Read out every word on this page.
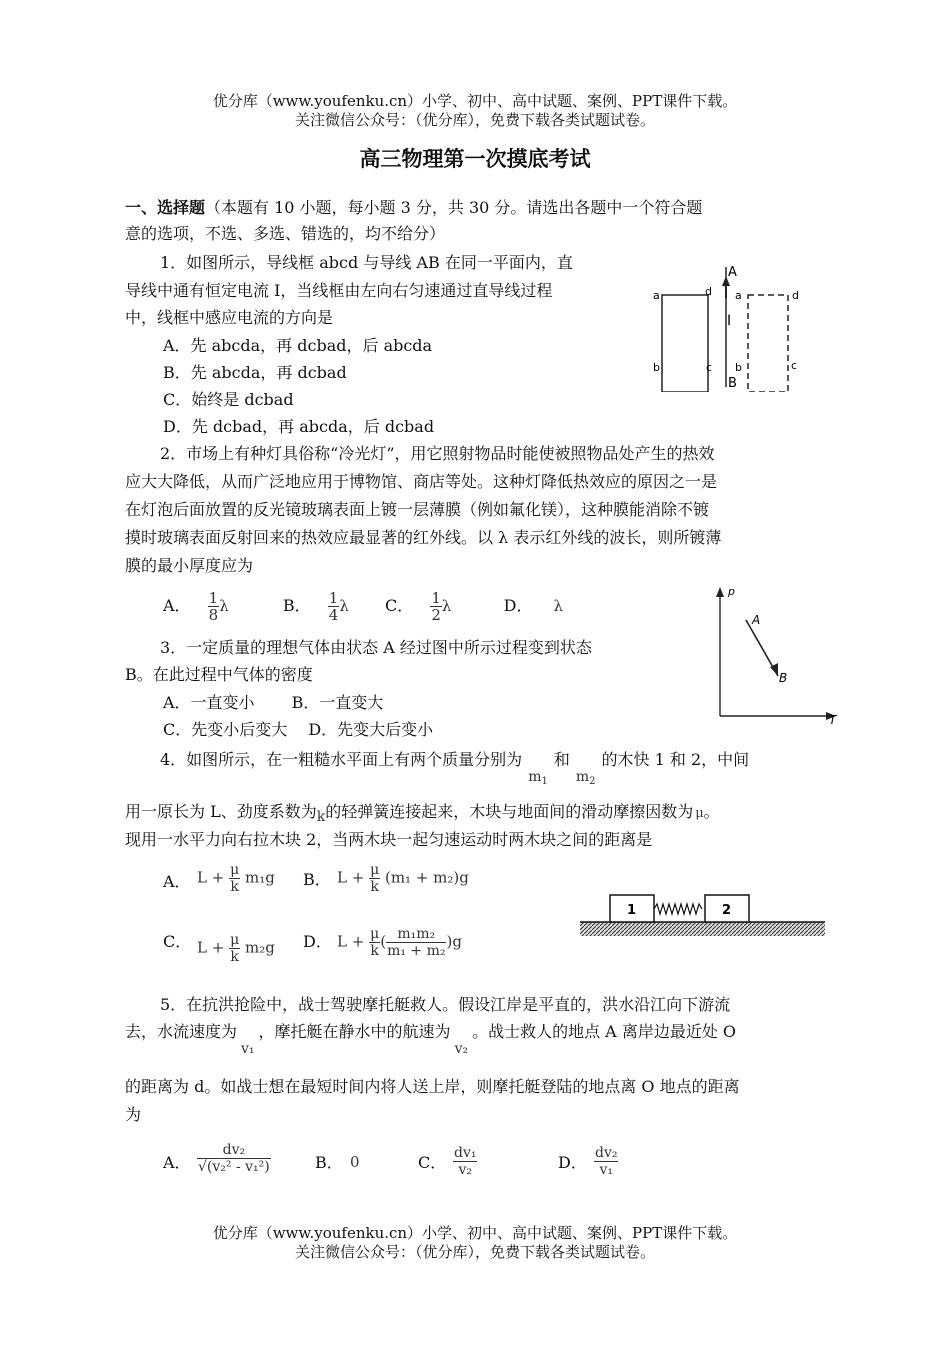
优分库（www.youfenku.cn）小学、初中、高中试题、案例、PPT课件下载。
关注微信公众号：（优分库），免费下载各类试题试卷。
高三物理第一次摸底考试
一、选择题（本题有 10 小题，每小题 3 分，共 30 分。请选出各题中一个符合题
意的选项，不选、多选、错选的，均不给分）
1．如图所示，导线框 abcd 与导线 AB 在同一平面内，直
导线中通有恒定电流 I，当线框由左向右匀速通过直导线过程
中，线框中感应电流的方向是
A．先 abcda，再 dcbad，后 abcda
B．先 abcda，再 dcbad
C．始终是 dcbad
D．先 dcbad，再 abcda，后 dcbad
a	d
b	c
A
I
B
a	d
b	c
2．市场上有种灯具俗称“冷光灯”，用它照射物品时能使被照物品处产生的热效
应大大降低，从而广泛地应用于博物馆、商店等处。这种灯降低热效应的原因之一是
在灯泡后面放置的反光镜玻璃表面上镀一层薄膜（例如氟化镁），这种膜能消除不镀
摸时玻璃表面反射回来的热效应最显著的红外线。以 λ 表示红外线的波长，则所镀薄
膜的最小厚度应为
A． $\frac{1}{8}$ λ	B． $\frac{1}{4}$ λ C． $\frac{1}{2}$ λ	D． λ
3．一定质量的理想气体由状态 A 经过图中所示过程变到状态
B。在此过程中气体的密度
A．一直变小　　 B．一直变大
C．先变小后变大　 D．先变大后变小
p
T
A
B
4．如图所示，在一粗糙水平面上有两个质量分别为$m_1$和$m_2$的木快 1 和 2，中间
用一原长为 L、劲度系数为k的轻弹簧连接起来，木块与地面间的滑动摩擦因数为 μ。
现用一水平力向右拉木块 2，当两木块一起匀速运动时两木块之间的距离是
A． $L + \frac{\mu}{k} m_1g$ B． $L + \frac{\mu}{k} (m_1 + m_2)g$
C． $L + \frac{\mu}{k} m_2g$ D． $L + \frac{\mu}{k}$ ( $\frac{\text{m₁m₂}}{\text{m₁ + m₂}} )g$
1	2
5．在抗洪抢险中，战士驾驶摩托艇救人。假设江岸是平直的，洪水沿江向下游流
去，水流速度为v₁，摩托艇在静水中的航速为v₂。战士救人的地点 A 离岸边最近处 O
的距离为 d。如战士想在最短时间内将人送上岸，则摩托艇登陆的地点离 O 地点的距离
为
A． $\frac{\text{dv₂}}{\text{√(v₂² - v₁²)}}$	B． 0	C． $\frac{\text{dv₁}}{\text{v₂}}$	D． $\frac{\text{dv₂}}{\text{v₁}}$
优分库（www.youfenku.cn）小学、初中、高中试题、案例、PPT课件下载。
关注微信公众号：（优分库），免费下载各类试题试卷。
